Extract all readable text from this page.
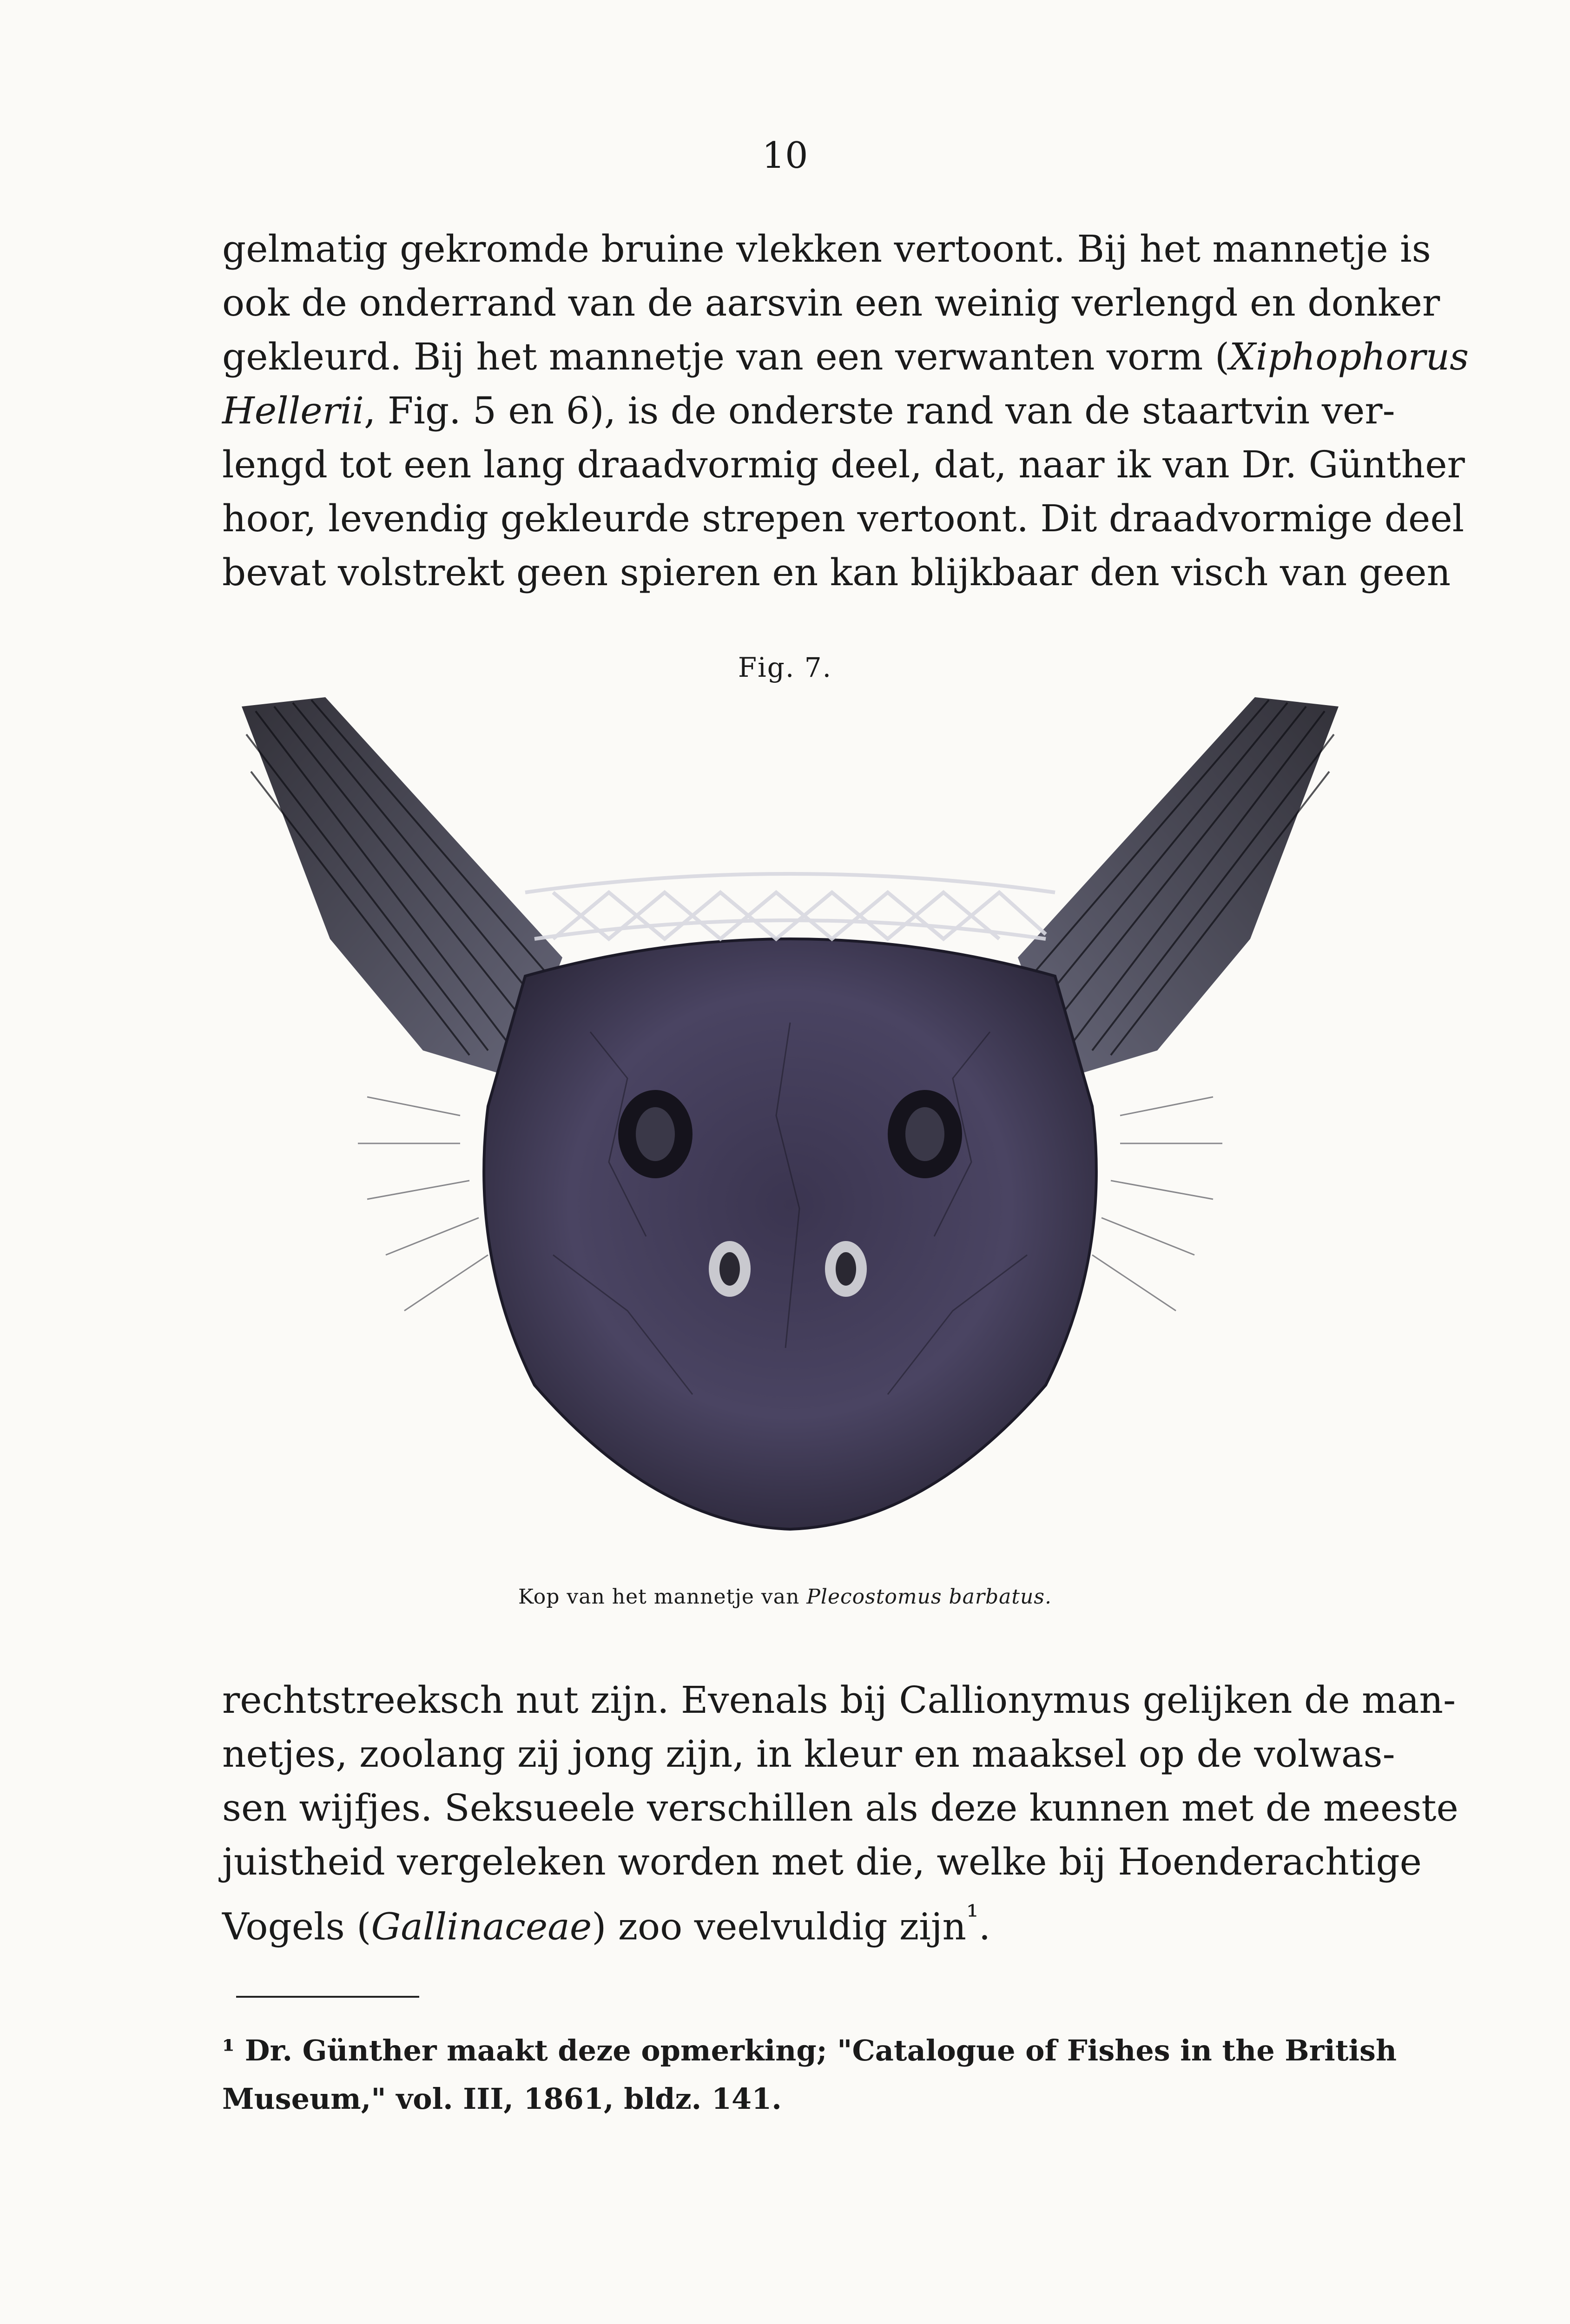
10
gelmatig gekromde bruine vlekken vertoont. Bij het mannetje is
ook de onderrand van de aarsvin een weinig verlengd en donker
gekleurd. Bij het mannetje van een verwanten vorm (Xiphophorus
Hellerii, Fig. 5 en 6), is de onderste rand van de staartvin ver-
lengd tot een lang draadvormig deel, dat, naar ik van Dr. Günther
hoor, levendig gekleurde strepen vertoont. Dit draadvormige deel
bevat volstrekt geen spieren en kan blijkbaar den visch van geen
Fig. 7.
Kop van het mannetje van Plecostomus barbatus.
rechtstreeksch nut zijn. Evenals bij Callionymus gelijken de man-
netjes, zoolang zij jong zijn, in kleur en maaksel op de volwas-
sen wijfjes. Seksueele verschillen als deze kunnen met de meeste
juistheid vergeleken worden met die, welke bij Hoenderachtige
Vogels (Gallinaceae) zoo veelvuldig zijn$^{^1}$.
¹ Dr. Günther maakt deze opmerking; "Catalogue of Fishes in the British
Museum," vol. III, 1861, bldz. 141.
